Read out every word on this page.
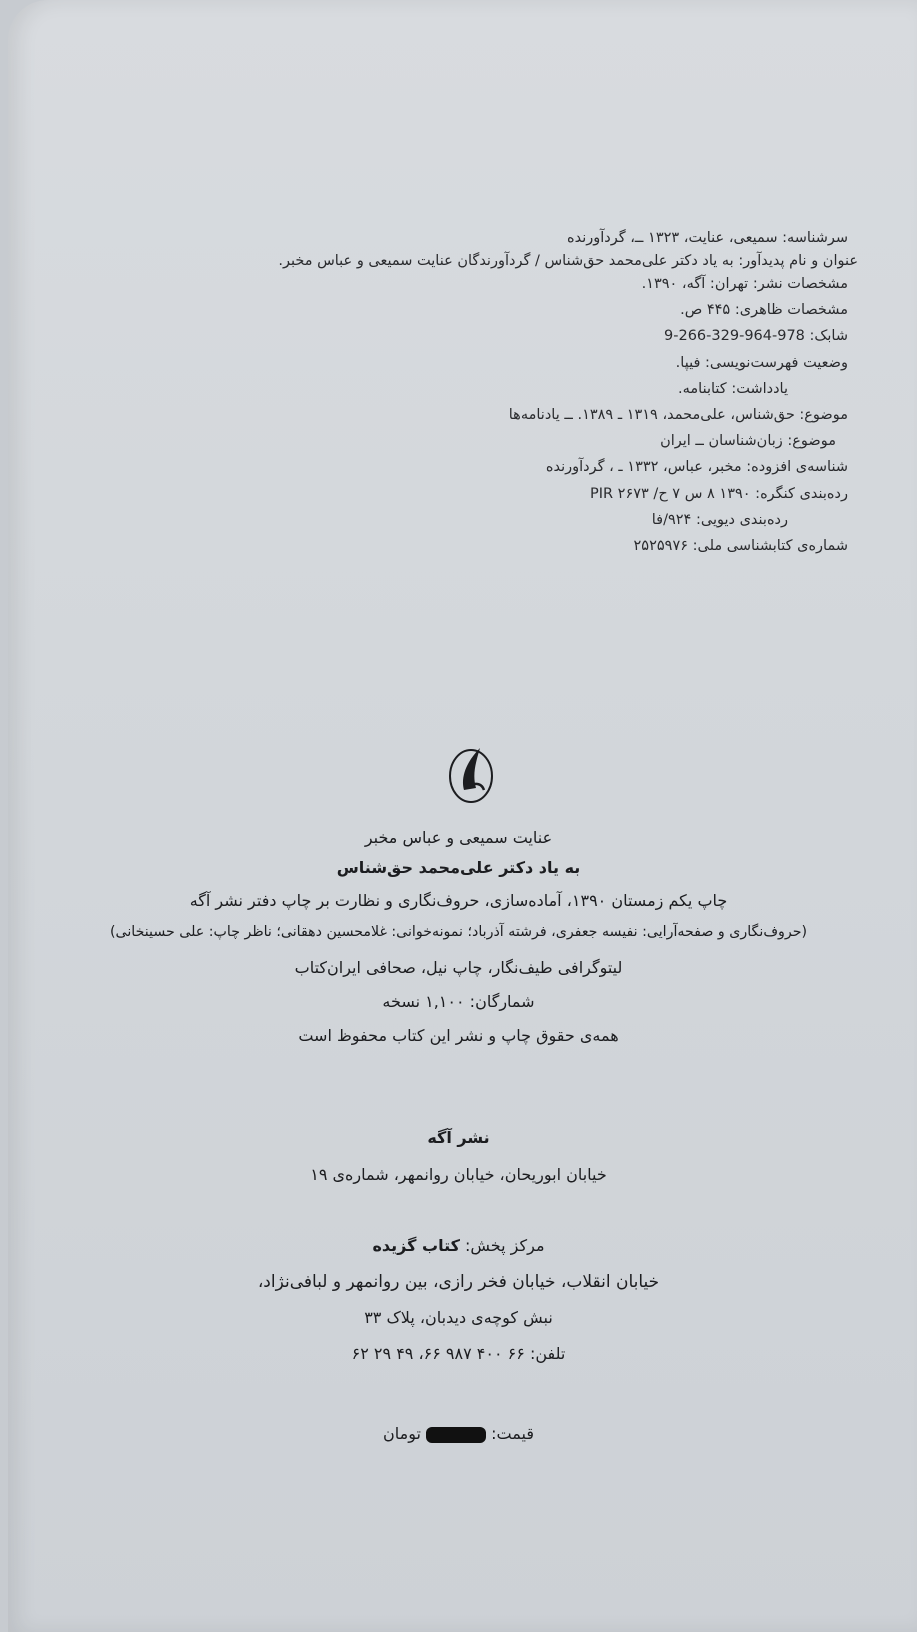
سرشناسه: سمیعی، عنایت، ۱۳۲۳ ــ، گردآورنده
عنوان و نام پدیدآور: به یاد دکتر علی‌محمد حق‌شناس / گردآورندگان عنایت سمیعی و عباس مخبر.
مشخصات نشر: تهران: آگه، ۱۳۹۰.
مشخصات ظاهری: ۴۴۵ ص.
شابک: 978-964-329-266-9
وضعیت فهرست‌نویسی: فیپا.
یادداشت: کتابنامه.
موضوع: حق‌شناس، علی‌محمد، ۱۳۱۹ ـ ۱۳۸۹. ــ یادنامه‌ها
موضوع: زبان‌شناسان ــ ایران
شناسه‌ی افزوده: مخبر، عباس، ۱۳۳۲ ـ ، گردآورنده
رده‌بندی کنگره: ۱۳۹۰ ۸ س ۷ ح/ ۲۶۷۳ PIR
رده‌بندی دیویی: ۹۲۴/فا
شماره‌ی کتابشناسی ملی: ۲۵۲۵۹۷۶
عنایت سمیعی و عباس مخبر
به یاد دکتر علی‌محمد حق‌شناس
چاپ یکم زمستان ۱۳۹۰، آماده‌سازی، حروف‌نگاری و نظارت بر چاپ دفتر نشر آگه
(حروف‌نگاری و صفحه‌آرایی: نفیسه جعفری، فرشته آذرباد؛ نمونه‌خوانی: غلامحسین دهقانی؛ ناظر چاپ: علی حسینخانی)
لیتوگرافی طیف‌نگار، چاپ نیل، صحافی ایران‌کتاب
شمارگان: ۱,۱۰۰ نسخه
همه‌ی حقوق چاپ و نشر این کتاب محفوظ است
نشر آگه
خیابان ابوریحان، خیابان روانمهر، شماره‌ی ۱۹
مرکز پخش: کتاب گزیده
خیابان انقلاب، خیابان فخر رازی، بین روانمهر و لبافی‌نژاد،
نبش کوچه‌ی دیدبان، پلاک ۳۳
تلفن: ۶۶ ۴۰۰ ۹۸۷ ۶۶، ۴۹ ۲۹ ۶۲
قیمت:  تومان
